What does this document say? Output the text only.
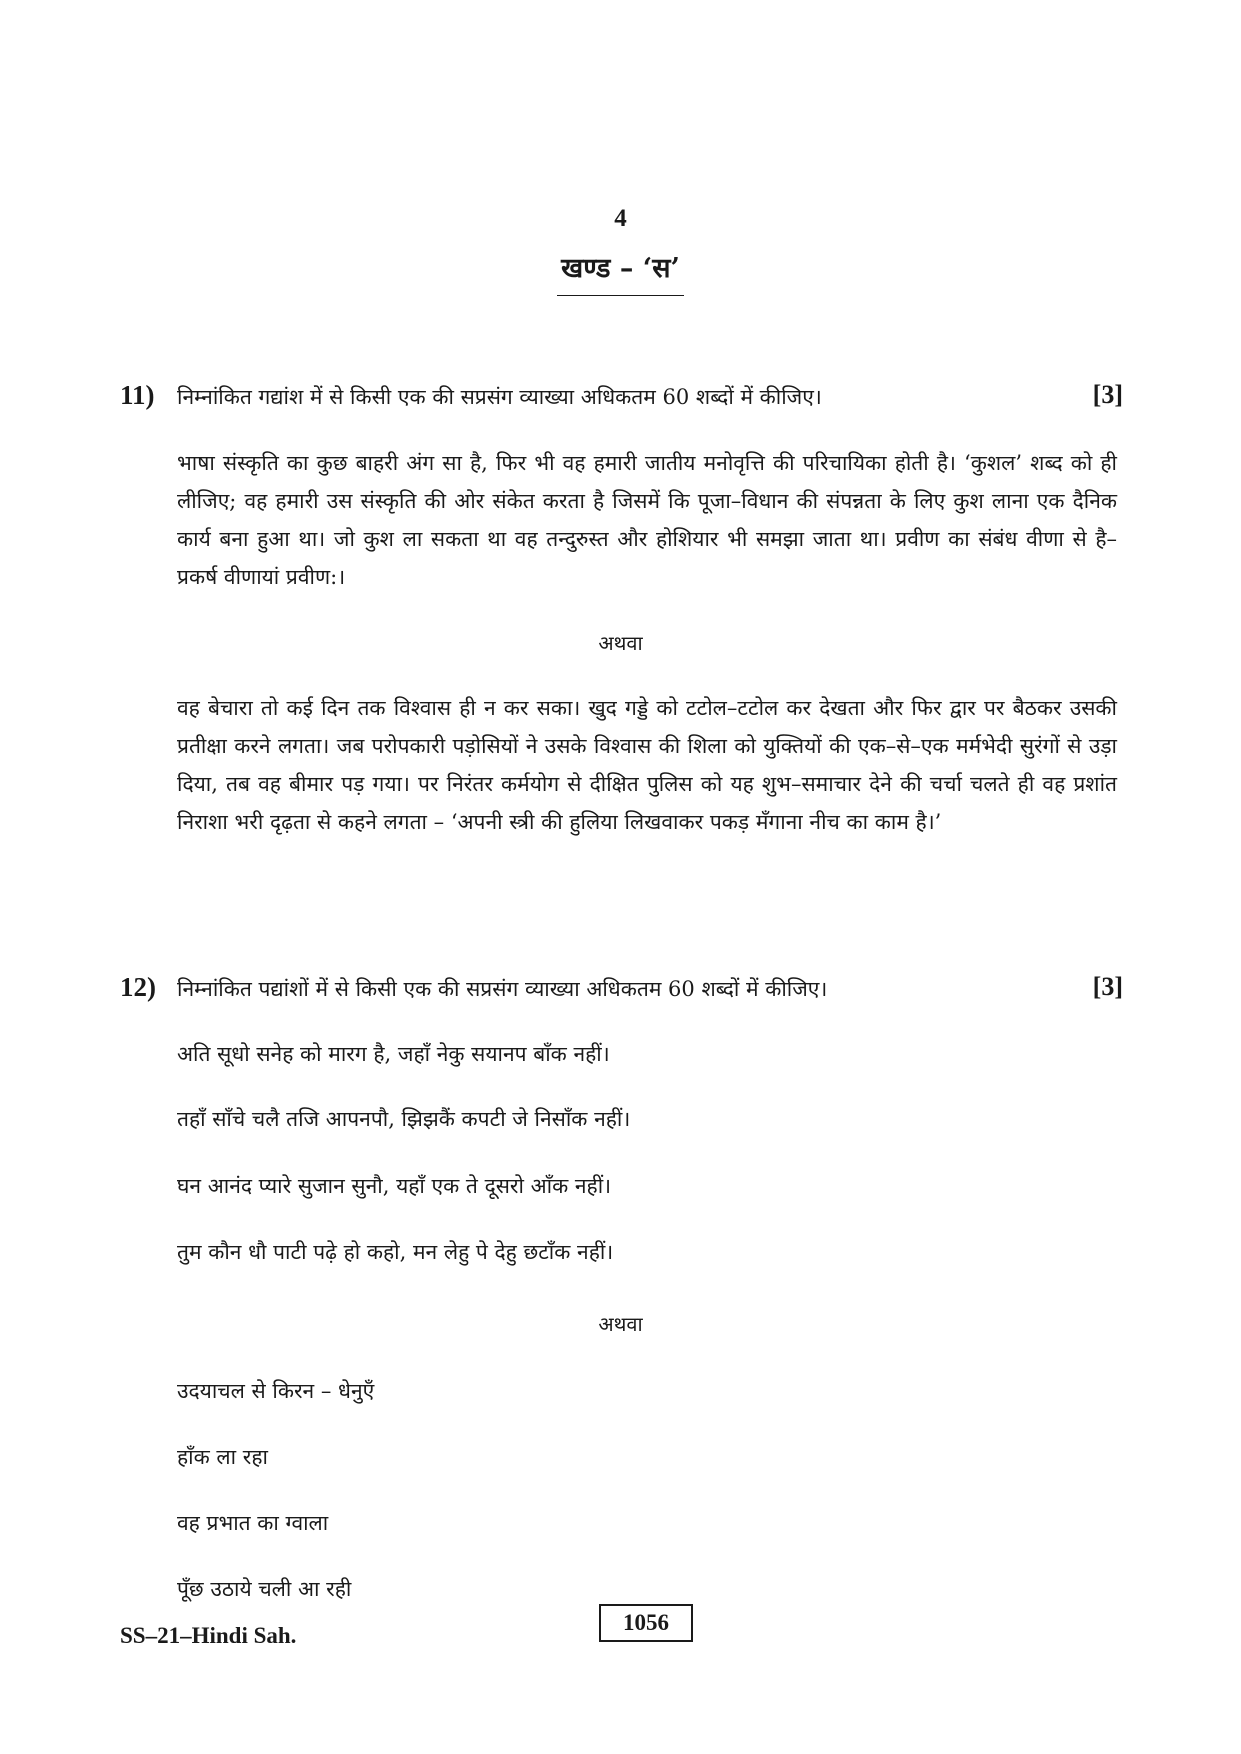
4
खण्ड – ‘स’
11) निम्नांकित गद्यांश में से किसी एक की सप्रसंग व्याख्या अधिकतम 60 शब्दों में कीजिए।	[3]

भाषा संस्कृति का कुछ बाहरी अंग सा है, फिर भी वह हमारी जातीय मनोवृत्ति की परिचायिका होती है। ‘कुशल’ शब्द को ही लीजिए; वह हमारी उस संस्कृति की ओर संकेत करता है जिसमें कि पूजा–विधान की संपन्नता के लिए कुश लाना एक दैनिक कार्य बना हुआ था। जो कुश ला सकता था वह तन्दुरुस्त और होशियार भी समझा जाता था। प्रवीण का संबंध वीणा से है– प्रकर्ष वीणायां प्रवीण:।

अथवा

वह बेचारा तो कई दिन तक विश्वास ही न कर सका। खुद गड्डे को टटोल–टटोल कर देखता और फिर द्वार पर बैठकर उसकी प्रतीक्षा करने लगता। जब परोपकारी पड़ोसियों ने उसके विश्वास की शिला को युक्तियों की एक–से–एक मर्मभेदी सुरंगों से उड़ा दिया, तब वह बीमार पड़ गया। पर निरंतर कर्मयोग से दीक्षित पुलिस को यह शुभ–समाचार देने की चर्चा चलते ही वह प्रशांत निराशा भरी दृढ़ता से कहने लगता – ‘अपनी स्त्री की हुलिया लिखवाकर पकड़ मँगाना नीच का काम है।’

12) निम्नांकित पद्यांशों में से किसी एक की सप्रसंग व्याख्या अधिकतम 60 शब्दों में कीजिए।	[3]
अति सूधो सनेह को मारग है, जहाँ नेकु सयानप बाँक नहीं।
तहाँ साँचे चलै तजि आपनपौ, झिझकैं कपटी जे निसाँक नहीं।
घन आनंद प्यारे सुजान सुनौ, यहाँ एक ते दूसरो आँक नहीं।
तुम कौन धौ पाटी पढ़े हो कहो, मन लेहु पे देहु छटाँक नहीं।
अथवा
उदयाचल से किरन – धेनुएँ
हाँक ला रहा
वह प्रभात का ग्वाला
पूँछ उठाये चली आ रही
SS–21–Hindi Sah.
1056
